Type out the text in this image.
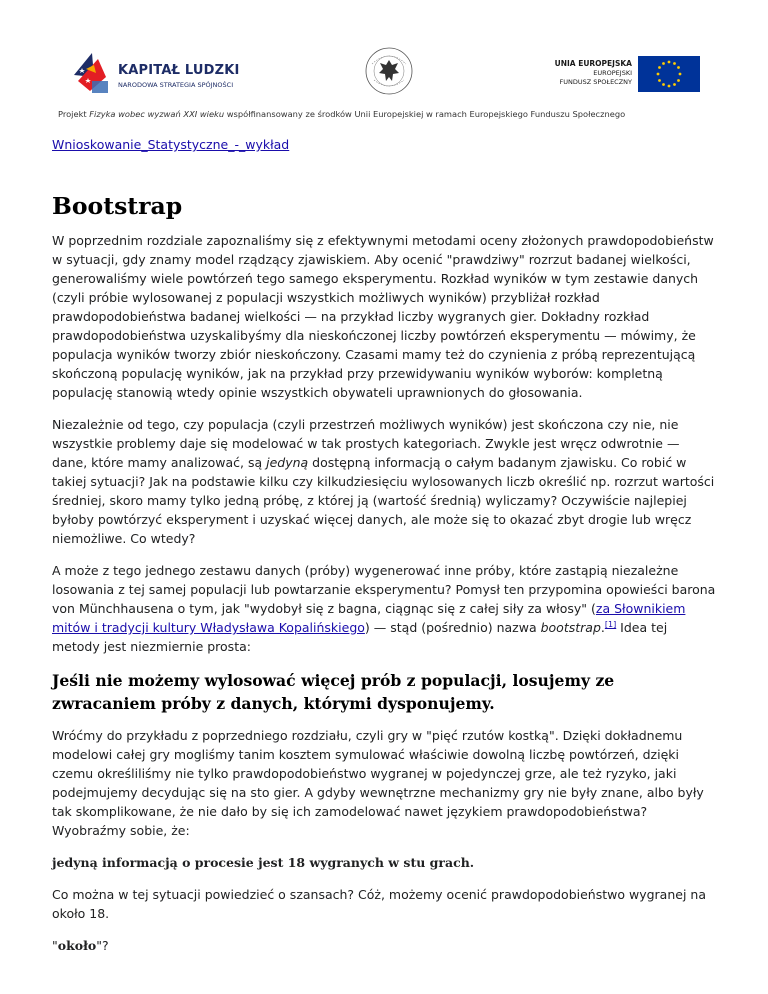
KAPITAŁ LUDZKI
NARODOWA STRATEGIA SPÓJNOŚCI
UNIA EUROPEJSKA
EUROPEJSKI
FUNDUSZ SPOŁECZNY
Projekt Fizyka wobec wyzwań XXI wieku współfinansowany ze środków Unii Europejskiej w ramach Europejskiego Funduszu Społecznego
Wnioskowanie_Statystyczne_-_wykład
Bootstrap

W poprzednim rozdziale zapoznaliśmy się z efektywnymi metodami oceny złożonych prawdopodobieństw w sytuacji, gdy znamy model rządzący zjawiskiem. Aby ocenić "prawdziwy" rozrzut badanej wielkości, generowaliśmy wiele powtórzeń tego samego eksperymentu. Rozkład wyników w tym zestawie danych (czyli próbie wylosowanej z populacji wszystkich możliwych wyników) przybliżał rozkład prawdopodobieństwa badanej wielkości — na przykład liczby wygranych gier. Dokładny rozkład prawdopodobieństwa uzyskalibyśmy dla nieskończonej liczby powtórzeń eksperymentu — mówimy, że populacja wyników tworzy zbiór nieskończony. Czasami mamy też do czynienia z próbą reprezentującą skończoną populację wyników, jak na przykład przy przewidywaniu wyników wyborów: kompletną populację stanowią wtedy opinie wszystkich obywateli uprawnionych do głosowania.

Niezależnie od tego, czy populacja (czyli przestrzeń możliwych wyników) jest skończona czy nie, nie wszystkie problemy daje się modelować w tak prostych kategoriach. Zwykle jest wręcz odwrotnie — dane, które mamy analizować, są jedyną dostępną informacją o całym badanym zjawisku. Co robić w takiej sytuacji? Jak na podstawie kilku czy kilkudziesięciu wylosowanych liczb określić np. rozrzut wartości średniej, skoro mamy tylko jedną próbę, z której ją (wartość średnią) wyliczamy? Oczywiście najlepiej byłoby powtórzyć eksperyment i uzyskać więcej danych, ale może się to okazać zbyt drogie lub wręcz niemożliwe. Co wtedy?

A może z tego jednego zestawu danych (próby) wygenerować inne próby, które zastąpią niezależne losowania z tej samej populacji lub powtarzanie eksperymentu? Pomysł ten przypomina opowieści barona von Münchhausena o tym, jak "wydobył się z bagna, ciągnąc się z całej siły za włosy" (za Słownikiem mitów i tradycji kultury Władysława Kopalińskiego) — stąd (pośrednio) nazwa bootstrap.[1] Idea tej metody jest niezmiernie prosta:

Jeśli nie możemy wylosować więcej prób z populacji, losujemy ze zwracaniem próby z danych, którymi dysponujemy.

Wróćmy do przykładu z poprzedniego rozdziału, czyli gry w "pięć rzutów kostką". Dzięki dokładnemu modelowi całej gry mogliśmy tanim kosztem symulować właściwie dowolną liczbę powtórzeń, dzięki czemu określiliśmy nie tylko prawdopodobieństwo wygranej w pojedynczej grze, ale też ryzyko, jaki podejmujemy decydując się na sto gier. A gdyby wewnętrzne mechanizmy gry nie były znane, albo były tak skomplikowane, że nie dało by się ich zamodelować nawet językiem prawdopodobieństwa? Wyobraźmy sobie, że:

jedyną informacją o procesie jest 18 wygranych w stu grach.

Co można w tej sytuacji powiedzieć o szansach? Cóż, możemy ocenić prawdopodobieństwo wygranej na około 18.

"około"?
